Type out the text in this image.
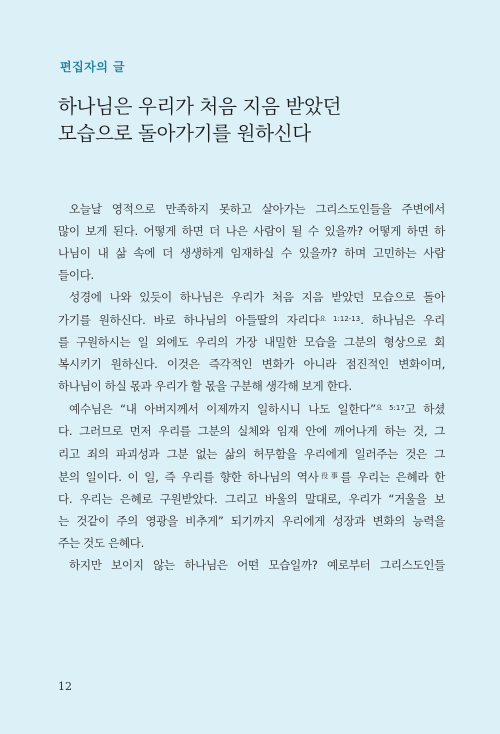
편집자의 글
하나님은 우리가 처음 지음 받았던
모습으로 돌아가기를 원하신다
오늘날 영적으로 만족하지 못하고 살아가는 그리스도인들을 주변에서
많이 보게 된다. 어떻게 하면 더 나은 사람이 될 수 있을까? 어떻게 하면 하
나님이 내 삶 속에 더 생생하게 임재하실 수 있을까? 하며 고민하는 사람
들이다.
성경에 나와 있듯이 하나님은 우리가 처음 지음 받았던 모습으로 돌아
가기를 원하신다. 바로 하나님의 아들딸의 자리다$^{요 1:12-13}$. 하나님은 우리
를 구원하시는 일 외에도 우리의 가장 내밀한 모습을 그분의 형상으로 회
복시키기 원하신다. 이것은 즉각적인 변화가 아니라 점진적인 변화이며,
하나님이 하실 몫과 우리가 할 몫을 구분해 생각해 보게 한다.
예수님은 “내 아버지께서 이제까지 일하시니 나도 일한다”$^{요 5:17}$고 하셨
다. 그러므로 먼저 우리를 그분의 실체와 임재 안에 깨어나게 하는 것, 그
리고 죄의 파괴성과 그분 없는 삶의 허무함을 우리에게 일러주는 것은 그
분의 일이다. 이 일, 즉 우리를 향한 하나님의 역사$^{役事}$를 우리는 은혜라 한
다. 우리는 은혜로 구원받았다. 그리고 바울의 말대로, 우리가 “거울을 보
는 것같이 주의 영광을 비추게” 되기까지 우리에게 성장과 변화의 능력을
주는 것도 은혜다.
하지만 보이지 않는 하나님은 어떤 모습일까? 예로부터 그리스도인들
12
